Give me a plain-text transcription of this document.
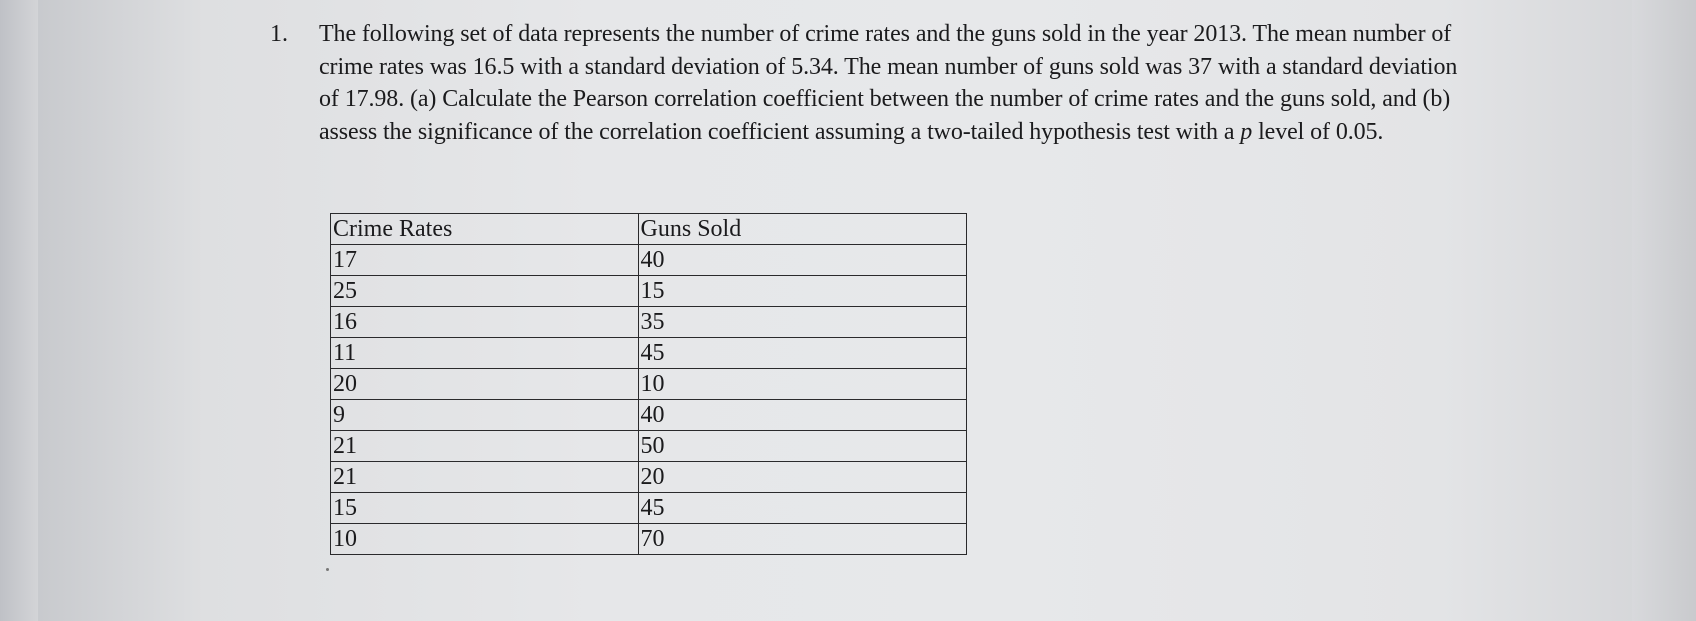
1. The following set of data represents the number of crime rates and the guns sold in the year 2013. The mean number of crime rates was 16.5 with a standard deviation of 5.34. The mean number of guns sold was 37 with a standard deviation of 17.98. (a) Calculate the Pearson correlation coefficient between the number of crime rates and the guns sold, and (b) assess the significance of the correlation coefficient assuming a two-tailed hypothesis test with a p level of 0.05.
Crime Rates	Guns Sold
17	40
25	15
16	35
11	45
20	10
9	40
21	50
21	20
15	45
10	70
